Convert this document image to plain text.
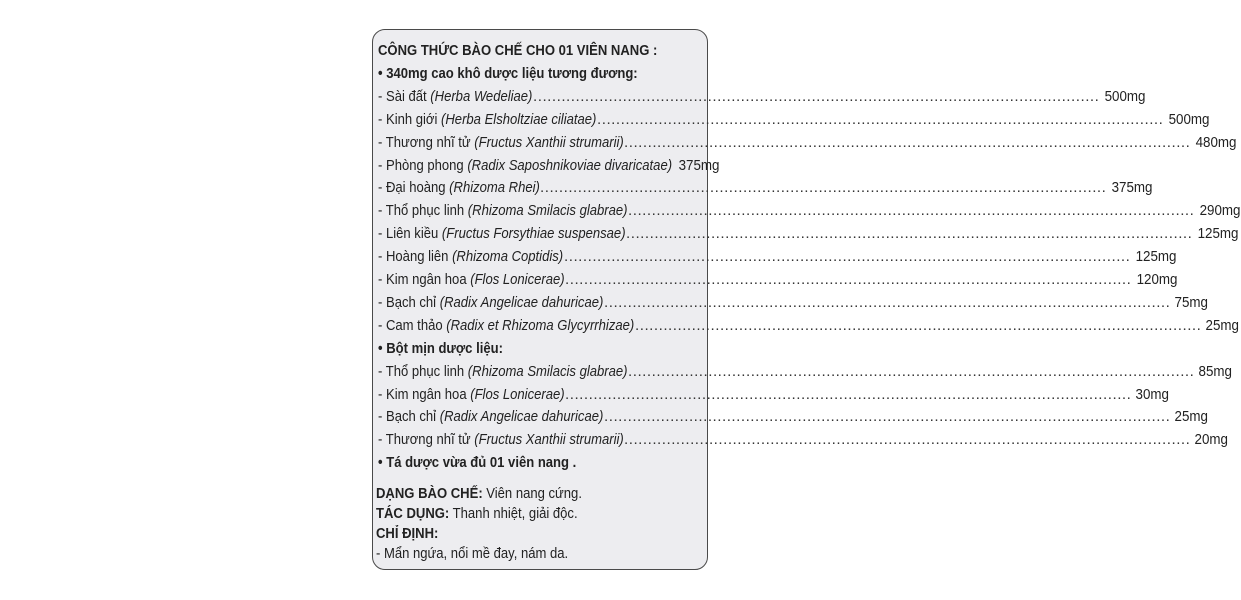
CÔNG THỨC BÀO CHẾ CHO 01 VIÊN NANG :
• 340mg cao khô dược liệu tương đương:
- Sài đất (Herba Wedeliae) ........................................................................................................................ 500mg
- Kinh giới (Herba Elsholtziae ciliatae) ........................................................................................................................ 500mg
- Thương nhĩ tử (Fructus Xanthii strumarii) ........................................................................................................................ 480mg
- Phòng phong (Radix Saposhnikoviae divaricatae) 375mg
- Đại hoàng (Rhizoma Rhei) ........................................................................................................................ 375mg
- Thổ phục linh (Rhizoma Smilacis glabrae) ........................................................................................................................ 290mg
- Liên kiều (Fructus Forsythiae suspensae) ........................................................................................................................ 125mg
- Hoàng liên (Rhizoma Coptidis) ........................................................................................................................ 125mg
- Kim ngân hoa (Flos Lonicerae) ........................................................................................................................ 120mg
- Bạch chỉ (Radix Angelicae dahuricae) ........................................................................................................................ 75mg
- Cam thảo (Radix et Rhizoma Glycyrrhizae) ........................................................................................................................ 25mg
• Bột mịn dược liệu:
- Thổ phục linh (Rhizoma Smilacis glabrae) ........................................................................................................................ 85mg
- Kim ngân hoa (Flos Lonicerae) ........................................................................................................................ 30mg
- Bạch chỉ (Radix Angelicae dahuricae) ........................................................................................................................ 25mg
- Thương nhĩ tử (Fructus Xanthii strumarii) ........................................................................................................................ 20mg
• Tá dược vừa đủ 01 viên nang .
DẠNG BÀO CHẾ: Viên nang cứng.
TÁC DỤNG: Thanh nhiệt, giải độc.
CHỈ ĐỊNH:
- Mẩn ngứa, nổi mề đay, nám da.
